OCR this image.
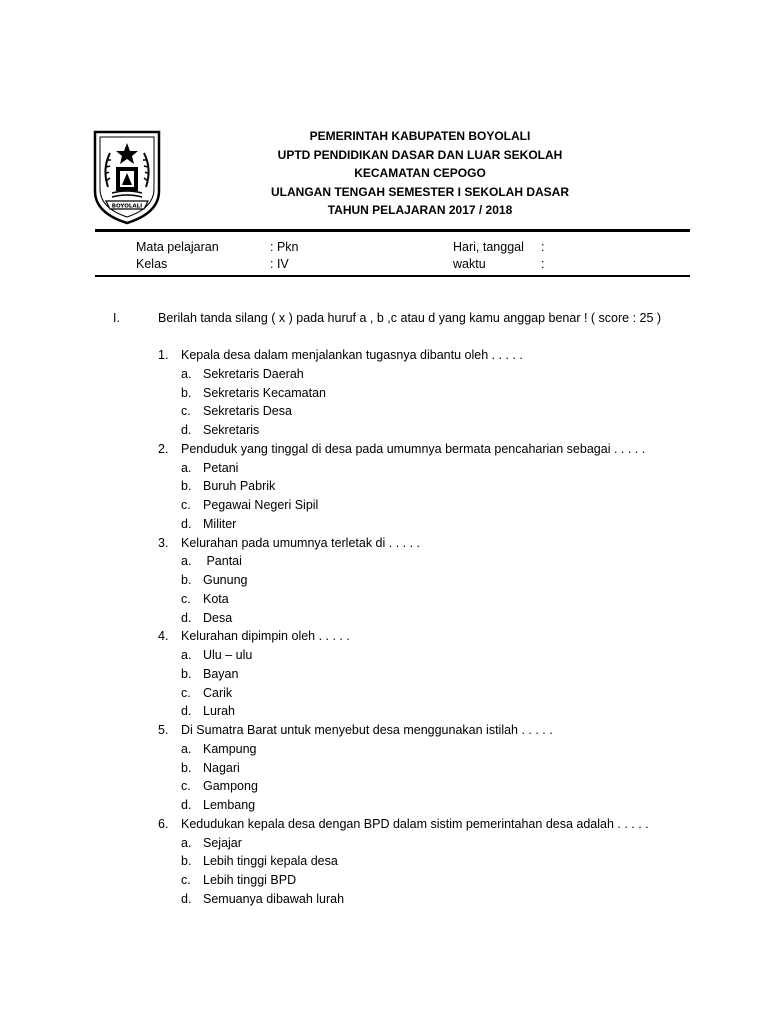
BOYOLALI
PEMERINTAH KABUPATEN BOYOLALI
UPTD PENDIDIKAN DASAR DAN LUAR SEKOLAH
KECAMATAN CEPOGO
ULANGAN TENGAH SEMESTER I SEKOLAH DASAR
TAHUN PELAJARAN 2017 / 2018
Mata pelajaran	: Pkn	Hari, tanggal :
Kelas	: IV	waktu	:
I.	Berilah tanda silang ( x ) pada huruf a , b ,c atau d yang kamu anggap benar ! ( score : 25 )
1. Kepala desa dalam menjalankan tugasnya dibantu oleh . . . . .
a. Sekretaris Daerah
b. Sekretaris Kecamatan
c. Sekretaris Desa
d. Sekretaris
2. Penduduk yang tinggal di desa pada umumnya bermata pencaharian sebagai . . . . .
a. Petani
b. Buruh Pabrik
c. Pegawai Negeri Sipil
d. Militer
3. Kelurahan pada umumnya terletak di . . . . .
a. Pantai
b. Gunung
c. Kota
d. Desa
4. Kelurahan dipimpin oleh . . . . .
a. Ulu – ulu
b. Bayan
c. Carik
d. Lurah
5. Di Sumatra Barat untuk menyebut desa menggunakan istilah . . . . .
a. Kampung
b. Nagari
c. Gampong
d. Lembang
6. Kedudukan kepala desa dengan BPD dalam sistim pemerintahan desa adalah . . . . .
a. Sejajar
b. Lebih tinggi kepala desa
c. Lebih tinggi BPD
d. Semuanya dibawah lurah
